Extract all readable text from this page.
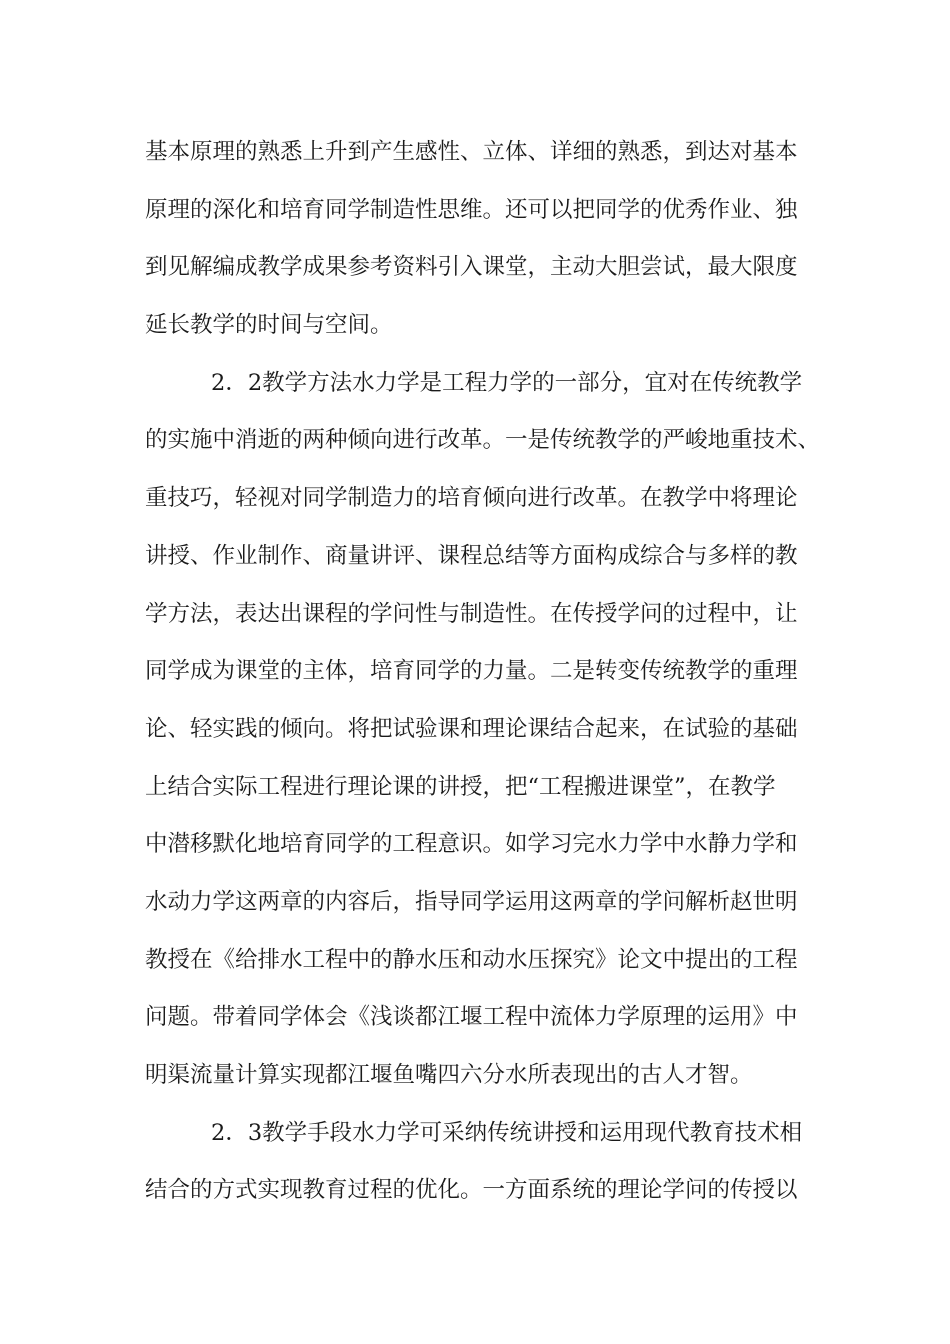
基本原理的熟悉上升到产生感性、立体、详细的熟悉，到达对基本
原理的深化和培育同学制造性思维。还可以把同学的优秀作业、独
到见解编成教学成果参考资料引入课堂，主动大胆尝试，最大限度
延长教学的时间与空间。
2．2教学方法水力学是工程力学的一部分，宜对在传统教学
的实施中消逝的两种倾向进行改革。一是传统教学的严峻地重技术、
重技巧，轻视对同学制造力的培育倾向进行改革。在教学中将理论
讲授、作业制作、商量讲评、课程总结等方面构成综合与多样的教
学方法，表达出课程的学问性与制造性。在传授学问的过程中，让
同学成为课堂的主体，培育同学的力量。二是转变传统教学的重理
论、轻实践的倾向。将把试验课和理论课结合起来，在试验的基础
上结合实际工程进行理论课的讲授，把“工程搬进课堂”，在教学
中潜移默化地培育同学的工程意识。如学习完水力学中水静力学和
水动力学这两章的内容后，指导同学运用这两章的学问解析赵世明
教授在《给排水工程中的静水压和动水压探究》论文中提出的工程
问题。带着同学体会《浅谈都江堰工程中流体力学原理的运用》中
明渠流量计算实现都江堰鱼嘴四六分水所表现出的古人才智。
2．3教学手段水力学可采纳传统讲授和运用现代教育技术相
结合的方式实现教育过程的优化。一方面系统的理论学问的传授以
